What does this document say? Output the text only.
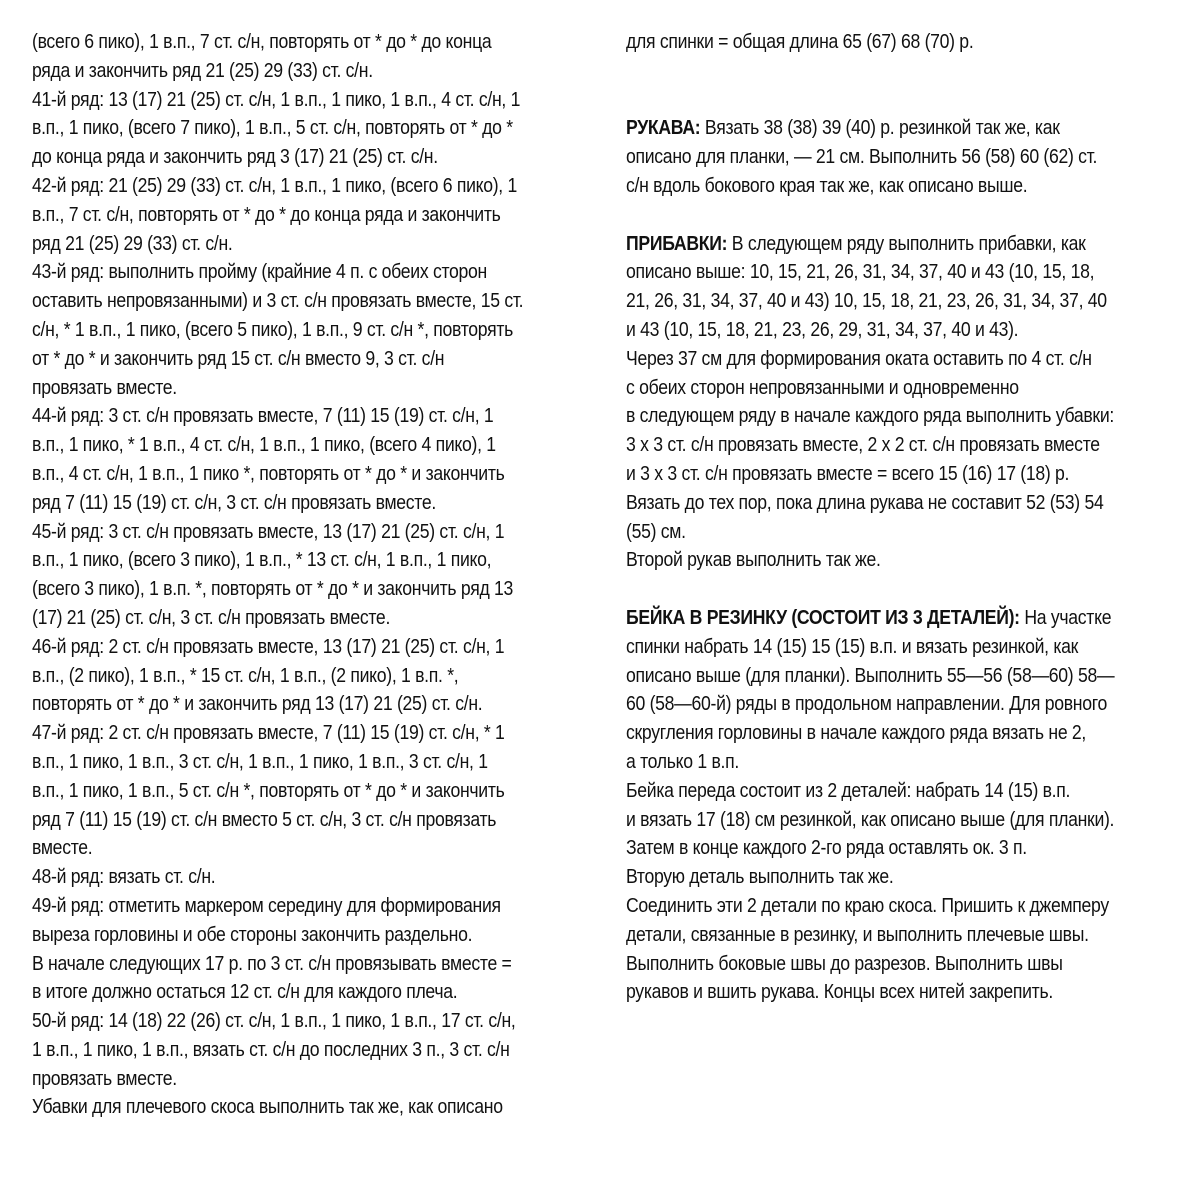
(всего 6 пико), 1 в.п., 7 ст. с/н, повторять от * до * до конца
ряда и закончить ряд 21 (25) 29 (33) ст. с/н.
41-й ряд: 13 (17) 21 (25) ст. с/н, 1 в.п., 1 пико, 1 в.п., 4 ст. с/н, 1
в.п., 1 пико, (всего 7 пико), 1 в.п., 5 ст. с/н, повторять от * до *
до конца ряда и закончить ряд 3 (17) 21 (25) ст. с/н.
42-й ряд: 21 (25) 29 (33) ст. с/н, 1 в.п., 1 пико, (всего 6 пико), 1
в.п., 7 ст. с/н, повторять от * до * до конца ряда и закончить
ряд 21 (25) 29 (33) ст. с/н.
43-й ряд: выполнить пройму (крайние 4 п. с обеих сторон
оставить непровязанными) и 3 ст. с/н провязать вместе, 15 ст.
с/н, * 1 в.п., 1 пико, (всего 5 пико), 1 в.п., 9 ст. с/н *, повторять
от * до * и закончить ряд 15 ст. с/н вместо 9, 3 ст. с/н
провязать вместе.
44-й ряд: 3 ст. с/н провязать вместе, 7 (11) 15 (19) ст. с/н, 1
в.п., 1 пико, * 1 в.п., 4 ст. с/н, 1 в.п., 1 пико, (всего 4 пико), 1
в.п., 4 ст. с/н, 1 в.п., 1 пико *, повторять от * до * и закончить
ряд 7 (11) 15 (19) ст. с/н, 3 ст. с/н провязать вместе.
45-й ряд: 3 ст. с/н провязать вместе, 13 (17) 21 (25) ст. с/н, 1
в.п., 1 пико, (всего 3 пико), 1 в.п., * 13 ст. с/н, 1 в.п., 1 пико,
(всего 3 пико), 1 в.п. *, повторять от * до * и закончить ряд 13
(17) 21 (25) ст. с/н, 3 ст. с/н провязать вместе.
46-й ряд: 2 ст. с/н провязать вместе, 13 (17) 21 (25) ст. с/н, 1
в.п., (2 пико), 1 в.п., * 15 ст. с/н, 1 в.п., (2 пико), 1 в.п. *,
повторять от * до * и закончить ряд 13 (17) 21 (25) ст. с/н.
47-й ряд: 2 ст. с/н провязать вместе, 7 (11) 15 (19) ст. с/н, * 1
в.п., 1 пико, 1 в.п., 3 ст. с/н, 1 в.п., 1 пико, 1 в.п., 3 ст. с/н, 1
в.п., 1 пико, 1 в.п., 5 ст. с/н *, повторять от * до * и закончить
ряд 7 (11) 15 (19) ст. с/н вместо 5 ст. с/н, 3 ст. с/н провязать
вместе.
48-й ряд: вязать ст. с/н.
49-й ряд: отметить маркером середину для формирования
выреза горловины и обе стороны закончить раздельно.
В начале следующих 17 р. по 3 ст. с/н провязывать вместе =
в итоге должно остаться 12 ст. с/н для каждого плеча.
50-й ряд: 14 (18) 22 (26) ст. с/н, 1 в.п., 1 пико, 1 в.п., 17 ст. с/н,
1 в.п., 1 пико, 1 в.п., вязать ст. с/н до последних 3 п., 3 ст. с/н
провязать вместе.
Убавки для плечевого скоса выполнить так же, как описано
для спинки = общая длина 65 (67) 68 (70) р.
РУКАВА: Вязать 38 (38) 39 (40) р. резинкой так же, как
описано для планки, — 21 см. Выполнить 56 (58) 60 (62) ст.
с/н вдоль бокового края так же, как описано выше.
ПРИБАВКИ: В следующем ряду выполнить прибавки, как
описано выше: 10, 15, 21, 26, 31, 34, 37, 40 и 43 (10, 15, 18,
21, 26, 31, 34, 37, 40 и 43) 10, 15, 18, 21, 23, 26, 31, 34, 37, 40
и 43 (10, 15, 18, 21, 23, 26, 29, 31, 34, 37, 40 и 43).
Через 37 см для формирования оката оставить по 4 ст. с/н
с обеих сторон непровязанными и одновременно
в следующем ряду в начале каждого ряда выполнить убавки:
3 х 3 ст. с/н провязать вместе, 2 х 2 ст. с/н провязать вместе
и 3 х 3 ст. с/н провязать вместе = всего 15 (16) 17 (18) р.
Вязать до тех пор, пока длина рукава не составит 52 (53) 54
(55) см.
Второй рукав выполнить так же.
БЕЙКА В РЕЗИНКУ (СОСТОИТ ИЗ 3 ДЕТАЛЕЙ): На участке
спинки набрать 14 (15) 15 (15) в.п. и вязать резинкой, как
описано выше (для планки). Выполнить 55—56 (58—60) 58—
60 (58—60-й) ряды в продольном направлении. Для ровного
скругления горловины в начале каждого ряда вязать не 2,
а только 1 в.п.
Бейка переда состоит из 2 деталей: набрать 14 (15) в.п.
и вязать 17 (18) см резинкой, как описано выше (для планки).
Затем в конце каждого 2-го ряда оставлять ок. 3 п.
Вторую деталь выполнить так же.
Соединить эти 2 детали по краю скоса. Пришить к джемперу
детали, связанные в резинку, и выполнить плечевые швы.
Выполнить боковые швы до разрезов. Выполнить швы
рукавов и вшить рукава. Концы всех нитей закрепить.
